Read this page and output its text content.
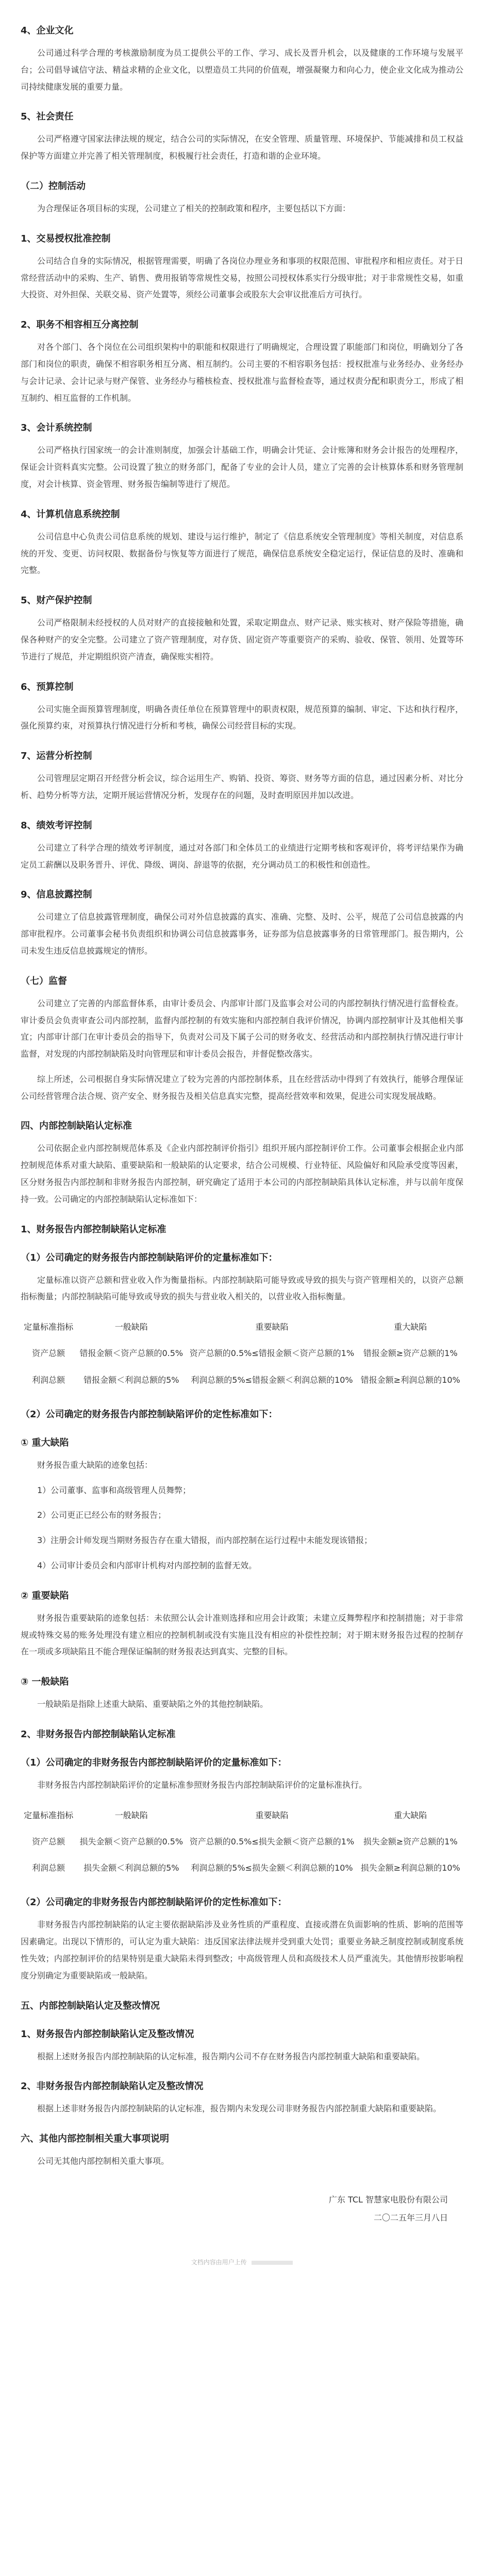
4、企业文化
公司通过科学合理的考核激励制度为员工提供公平的工作、学习、成长及晋升机会，以及健康的工作环境与发展平台；公司倡导诚信守法、精益求精的企业文化，以塑造员工共同的价值观，增强凝聚力和向心力，使企业文化成为推动公司持续健康发展的重要力量。
5、社会责任
公司严格遵守国家法律法规的规定，结合公司的实际情况，在安全管理、质量管理、环境保护、节能减排和员工权益保护等方面建立并完善了相关管理制度，积极履行社会责任，打造和谐的企业环境。
（二）控制活动
为合理保证各项目标的实现，公司建立了相关的控制政策和程序，主要包括以下方面：
1、交易授权批准控制
公司结合自身的实际情况，根据管理需要，明确了各岗位办理业务和事项的权限范围、审批程序和相应责任。对于日常经营活动中的采购、生产、销售、费用报销等常规性交易，按照公司授权体系实行分级审批；对于非常规性交易，如重大投资、对外担保、关联交易、资产处置等，须经公司董事会或股东大会审议批准后方可执行。
2、职务不相容相互分离控制
对各个部门、各个岗位在公司组织架构中的职能和权限进行了明确规定，合理设置了职能部门和岗位，明确划分了各部门和岗位的职责，确保不相容职务相互分离、相互制约。公司主要的不相容职务包括：授权批准与业务经办、业务经办与会计记录、会计记录与财产保管、业务经办与稽核检查、授权批准与监督检查等，通过权责分配和职责分工，形成了相互制约、相互监督的工作机制。
3、会计系统控制
公司严格执行国家统一的会计准则制度，加强会计基础工作，明确会计凭证、会计账簿和财务会计报告的处理程序，保证会计资料真实完整。公司设置了独立的财务部门，配备了专业的会计人员，建立了完善的会计核算体系和财务管理制度，对会计核算、资金管理、财务报告编制等进行了规范。
4、计算机信息系统控制
公司信息中心负责公司信息系统的规划、建设与运行维护，制定了《信息系统安全管理制度》等相关制度，对信息系统的开发、变更、访问权限、数据备份与恢复等方面进行了规范，确保信息系统安全稳定运行，保证信息的及时、准确和完整。
5、财产保护控制
公司严格限制未经授权的人员对财产的直接接触和处置，采取定期盘点、财产记录、账实核对、财产保险等措施，确保各种财产的安全完整。公司建立了资产管理制度，对存货、固定资产等重要资产的采购、验收、保管、领用、处置等环节进行了规范，并定期组织资产清查，确保账实相符。
6、预算控制
公司实施全面预算管理制度，明确各责任单位在预算管理中的职责权限，规范预算的编制、审定、下达和执行程序，强化预算约束，对预算执行情况进行分析和考核，确保公司经营目标的实现。
7、运营分析控制
公司管理层定期召开经营分析会议，综合运用生产、购销、投资、筹资、财务等方面的信息，通过因素分析、对比分析、趋势分析等方法，定期开展运营情况分析，发现存在的问题，及时查明原因并加以改进。
8、绩效考评控制
公司建立了科学合理的绩效考评制度，通过对各部门和全体员工的业绩进行定期考核和客观评价，将考评结果作为确定员工薪酬以及职务晋升、评优、降级、调岗、辞退等的依据，充分调动员工的积极性和创造性。
9、信息披露控制
公司建立了信息披露管理制度，确保公司对外信息披露的真实、准确、完整、及时、公平，规范了公司信息披露的内部审批程序。公司董事会秘书负责组织和协调公司信息披露事务，证券部为信息披露事务的日常管理部门。报告期内，公司未发生违反信息披露规定的情形。
（七）监督
公司建立了完善的内部监督体系，由审计委员会、内部审计部门及监事会对公司的内部控制执行情况进行监督检查。审计委员会负责审查公司内部控制，监督内部控制的有效实施和内部控制自我评价情况，协调内部控制审计及其他相关事宜；内部审计部门在审计委员会的指导下，负责对公司及下属子公司的财务收支、经营活动和内部控制执行情况进行审计监督，对发现的内部控制缺陷及时向管理层和审计委员会报告，并督促整改落实。
综上所述，公司根据自身实际情况建立了较为完善的内部控制体系，且在经营活动中得到了有效执行，能够合理保证公司经营管理合法合规、资产安全、财务报告及相关信息真实完整，提高经营效率和效果，促进公司实现发展战略。
四、内部控制缺陷认定标准
公司依据企业内部控制规范体系及《企业内部控制评价指引》组织开展内部控制评价工作。公司董事会根据企业内部控制规范体系对重大缺陷、重要缺陷和一般缺陷的认定要求，结合公司规模、行业特征、风险偏好和风险承受度等因素，区分财务报告内部控制和非财务报告内部控制，研究确定了适用于本公司的内部控制缺陷具体认定标准，并与以前年度保持一致。公司确定的内部控制缺陷认定标准如下：
1、财务报告内部控制缺陷认定标准
（1）公司确定的财务报告内部控制缺陷评价的定量标准如下：
定量标准以资产总额和营业收入作为衡量指标。内部控制缺陷可能导致或导致的损失与资产管理相关的，以资产总额指标衡量；内部控制缺陷可能导致或导致的损失与营业收入相关的，以营业收入指标衡量。
定量标准指标	一般缺陷	重要缺陷	重大缺陷
资产总额	错报金额＜资产总额的0.5%	资产总额的0.5%≤错报金额＜资产总额的1%	错报金额≥资产总额的1%
利润总额	错报金额＜利润总额的5%	利润总额的5%≤错报金额＜利润总额的10%	错报金额≥利润总额的10%
（2）公司确定的财务报告内部控制缺陷评价的定性标准如下：
① 重大缺陷
财务报告重大缺陷的迹象包括：
1）公司董事、监事和高级管理人员舞弊；
2）公司更正已经公布的财务报告；
3）注册会计师发现当期财务报告存在重大错报，而内部控制在运行过程中未能发现该错报；
4）公司审计委员会和内部审计机构对内部控制的监督无效。
② 重要缺陷
财务报告重要缺陷的迹象包括：未依照公认会计准则选择和应用会计政策；未建立反舞弊程序和控制措施；对于非常规或特殊交易的账务处理没有建立相应的控制机制或没有实施且没有相应的补偿性控制；对于期末财务报告过程的控制存在一项或多项缺陷且不能合理保证编制的财务报表达到真实、完整的目标。
③ 一般缺陷
一般缺陷是指除上述重大缺陷、重要缺陷之外的其他控制缺陷。
2、非财务报告内部控制缺陷认定标准
（1）公司确定的非财务报告内部控制缺陷评价的定量标准如下：
非财务报告内部控制缺陷评价的定量标准参照财务报告内部控制缺陷评价的定量标准执行。
定量标准指标	一般缺陷	重要缺陷	重大缺陷
资产总额	损失金额＜资产总额的0.5%	资产总额的0.5%≤损失金额＜资产总额的1%	损失金额≥资产总额的1%
利润总额	损失金额＜利润总额的5%	利润总额的5%≤损失金额＜利润总额的10%	损失金额≥利润总额的10%
（2）公司确定的非财务报告内部控制缺陷评价的定性标准如下：
非财务报告内部控制缺陷的认定主要依据缺陷涉及业务性质的严重程度、直接或潜在负面影响的性质、影响的范围等因素确定。出现以下情形的，可认定为重大缺陷：违反国家法律法规并受到重大处罚；重要业务缺乏制度控制或制度系统性失效；内部控制评价的结果特别是重大缺陷未得到整改；中高级管理人员和高级技术人员严重流失。其他情形按影响程度分别确定为重要缺陷或一般缺陷。
五、内部控制缺陷认定及整改情况
1、财务报告内部控制缺陷认定及整改情况
根据上述财务报告内部控制缺陷的认定标准，报告期内公司不存在财务报告内部控制重大缺陷和重要缺陷。
2、非财务报告内部控制缺陷认定及整改情况
根据上述非财务报告内部控制缺陷的认定标准，报告期内未发现公司非财务报告内部控制重大缺陷和重要缺陷。
六、其他内部控制相关重大事项说明
公司无其他内部控制相关重大事项。
广东 TCL 智慧家电股份有限公司
二〇二五年三月八日
文档内容由用户上传
